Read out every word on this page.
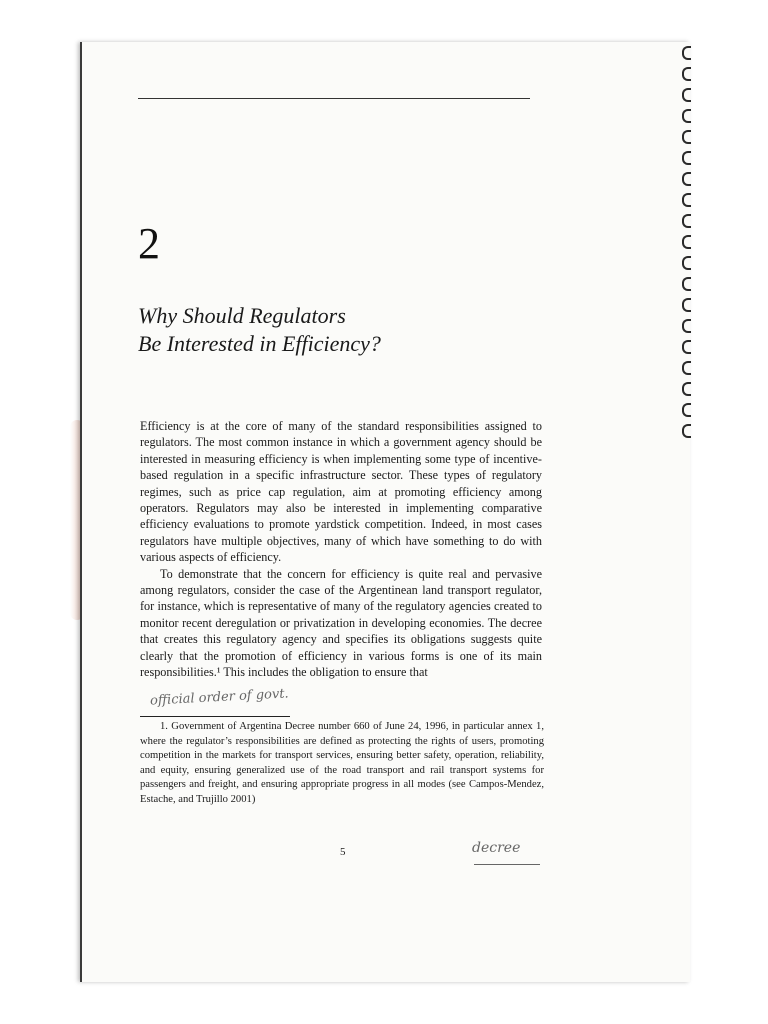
2
Why Should Regulators
Be Interested in Efficiency?

Efficiency is at the core of many of the standard responsibilities assigned to regulators. The most common instance in which a government agency should be interested in measuring efficiency is when implementing some type of incentive-based regulation in a specific infrastructure sector. These types of regulatory regimes, such as price cap regulation, aim at promoting efficiency among operators. Regulators may also be interested in implementing comparative efficiency evaluations to promote yardstick competition. Indeed, in most cases regulators have multiple objectives, many of which have something to do with various aspects of efficiency.

To demonstrate that the concern for efficiency is quite real and pervasive among regulators, consider the case of the Argentinean land transport regulator, for instance, which is representative of many of the regulatory agencies created to monitor recent deregulation or privatization in developing economies. The decree that creates this regulatory agency and specifies its obligations suggests quite clearly that the promotion of efficiency in various forms is one of its main responsibilities.¹ This includes the obligation to ensure that

official order of govt.

1. Government of Argentina Decree number 660 of June 24, 1996, in particular annex 1, where the regulator’s responsibilities are defined as protecting the rights of users, promoting competition in the markets for transport services, ensuring better safety, operation, reliability, and equity, ensuring generalized use of the road transport and rail transport systems for passengers and freight, and ensuring appropriate progress in all modes (see Campos-Mendez, Estache, and Trujillo 2001)

5	decree
